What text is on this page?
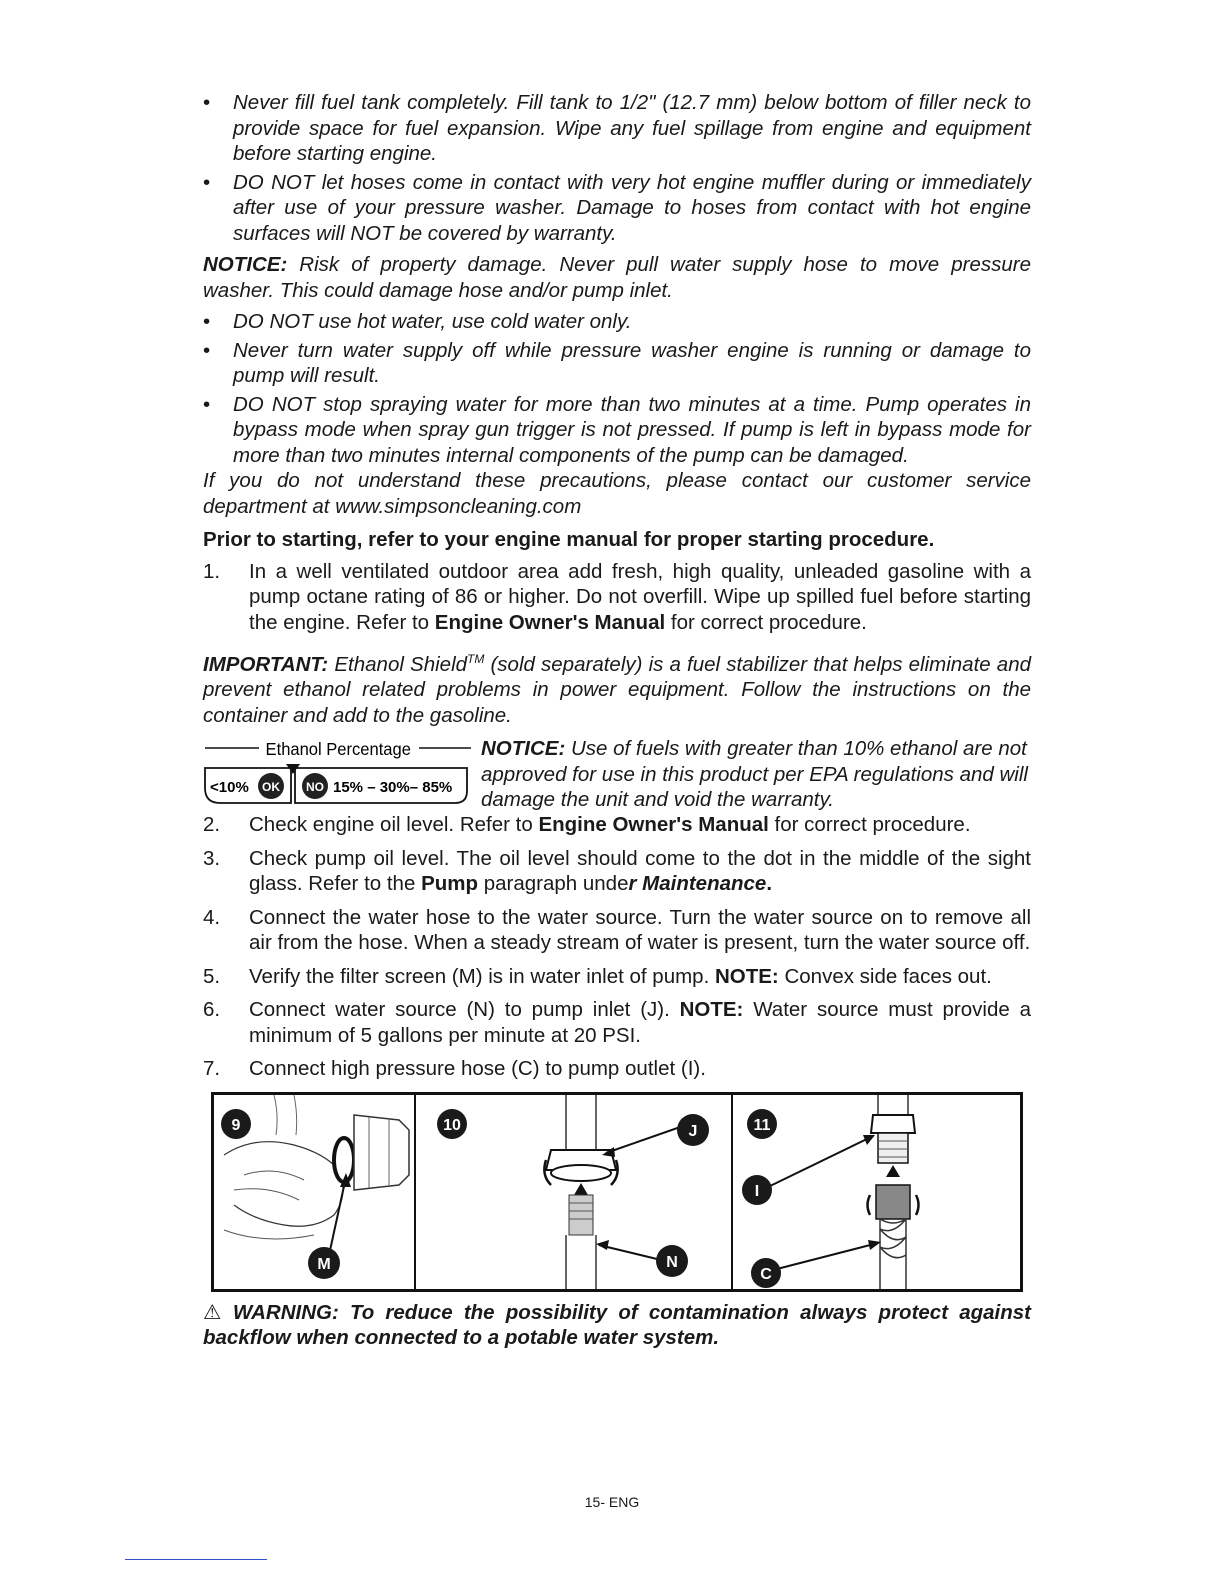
• Never fill fuel tank completely. Fill tank to 1/2" (12.7 mm) below bottom of filler neck to provide space for fuel expansion. Wipe any fuel spillage from engine and equipment before starting engine.

• DO NOT let hoses come in contact with very hot engine muffler during or immediately after use of your pressure washer. Damage to hoses from contact with hot engine surfaces will NOT be covered by warranty.

NOTICE: Risk of property damage. Never pull water supply hose to move pressure washer. This could damage hose and/or pump inlet.

• DO NOT use hot water, use cold water only.

• Never turn water supply off while pressure washer engine is running or damage to pump will result.

• DO NOT stop spraying water for more than two minutes at a time. Pump operates in bypass mode when spray gun trigger is not pressed. If pump is left in bypass mode for more than two minutes internal components of the pump can be damaged.

If you do not understand these precautions, please contact our customer service department at www.simpsoncleaning.com

Prior to starting, refer to your engine manual for proper starting procedure.

1. In a well ventilated outdoor area add fresh, high quality, unleaded gasoline with a pump octane rating of 86 or higher. Do not overfill. Wipe up spilled fuel before starting the engine. Refer to Engine Owner's Manual for correct procedure.

IMPORTANT: Ethanol Shield™ (sold separately) is a fuel stabilizer that helps eliminate and prevent ethanol related problems in power equipment. Follow the instructions on the container and add to the gasoline.

Ethanol Percentage
<10% OK NO 15% – 30%– 85%

NOTICE: Use of fuels with greater than 10% ethanol are not approved for use in this product per EPA regulations and will damage the unit and void the warranty.

2. Check engine oil level. Refer to Engine Owner's Manual for correct procedure.
3. Check pump oil level. The oil level should come to the dot in the middle of the sight glass. Refer to the Pump paragraph under Maintenance.
4. Connect the water hose to the water source. Turn the water source on to remove all air from the hose. When a steady stream of water is present, turn the water source off.
5. Verify the filter screen (M) is in water inlet of pump. NOTE: Convex side faces out.
6. Connect water source (N) to pump inlet (J). NOTE: Water source must provide a minimum of 5 gallons per minute at 20 PSI.
7. Connect high pressure hose (C) to pump outlet (I).
9
M
10	J
N
11
I
C

⚠ WARNING: To reduce the possibility of contamination always protect against backflow when connected to a potable water system.

15- ENG
